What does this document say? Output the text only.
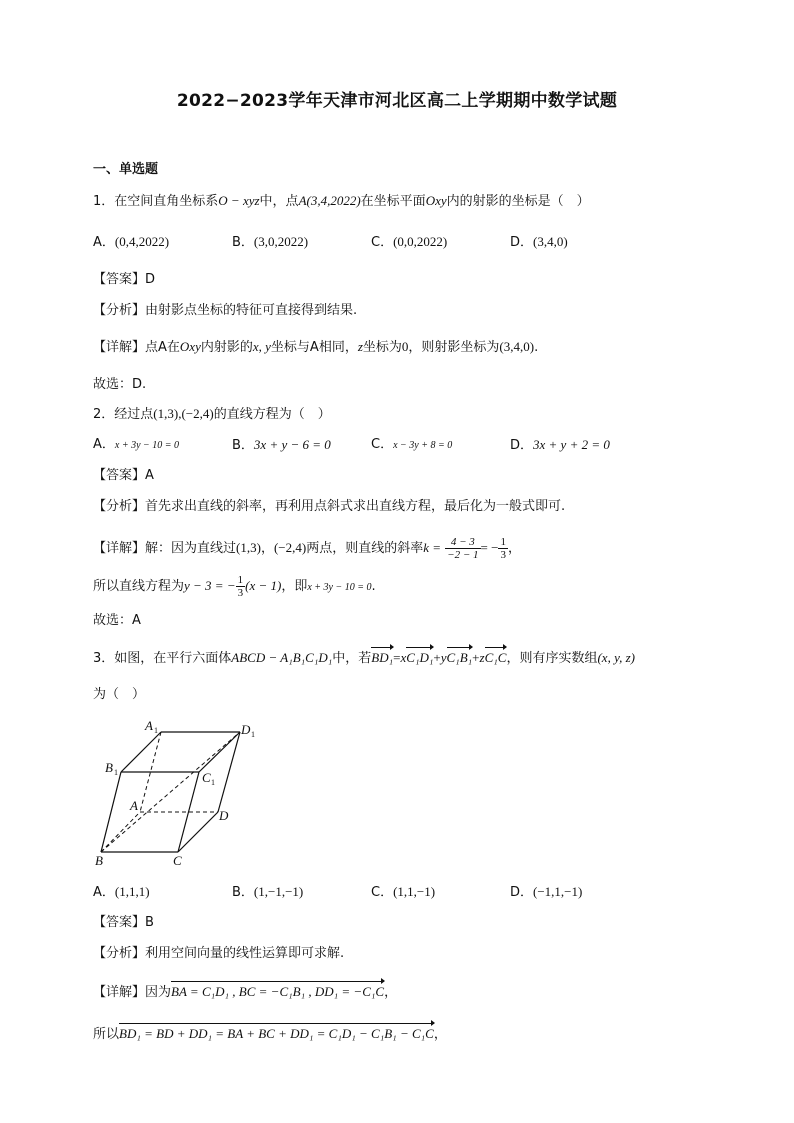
2022−2023学年天津市河北区高二上学期期中数学试题
一、单选题
1．在空间直角坐标系O − xyz中，点A(3,4,2022)在坐标平面Oxy内的射影的坐标是（　）
A．(0,4,2022)	B．(3,0,2022)	C．(0,0,2022)	D．(3,4,0)
【答案】D
【分析】由射影点坐标的特征可直接得到结果.
【详解】点A在Oxy内射影的x, y坐标与A相同，z坐标为0，则射影坐标为(3,4,0).
故选：D.
2．经过点(1,3),(−2,4)的直线方程为（　）
A．x + 3y − 10 = 0	B．3x + y − 6 = 0	C．x − 3y + 8 = 0	D．3x + y + 2 = 0
【答案】A
【分析】首先求出直线的斜率，再利用点斜式求出直线方程，最后化为一般式即可.
【详解】解：因为直线过(1,3)，(−2,4)两点，则直线的斜率$k = \frac{4 - 3}{-2 - 1}$ = − $\frac{1}{3}$ ，
所以直线方程为y − 3 = − $\frac{1}{3} (x - 1)$，即x + 3y − 10 = 0.
故选：A
3．如图，在平行六面体ABCD − A₁B₁C₁D₁中，若BD₁=xC₁D₁+yC₁B₁+zC₁C，则有序实数组(x, y, z)
为（　）
A 1	D 1
B 1	C 1
A
D
B	C
A．(1,1,1)	B．(1,−1,−1)	C．(1,1,−1)	D．(−1,1,−1)
【答案】B
【分析】利用空间向量的线性运算即可求解.
【详解】因为BA = C₁D₁ , BC = −C₁B₁ , DD₁ = −C₁C，
所以BD₁ = BD + DD₁ = BA + BC + DD₁ = C₁D₁ − C₁B₁ − C₁C，
